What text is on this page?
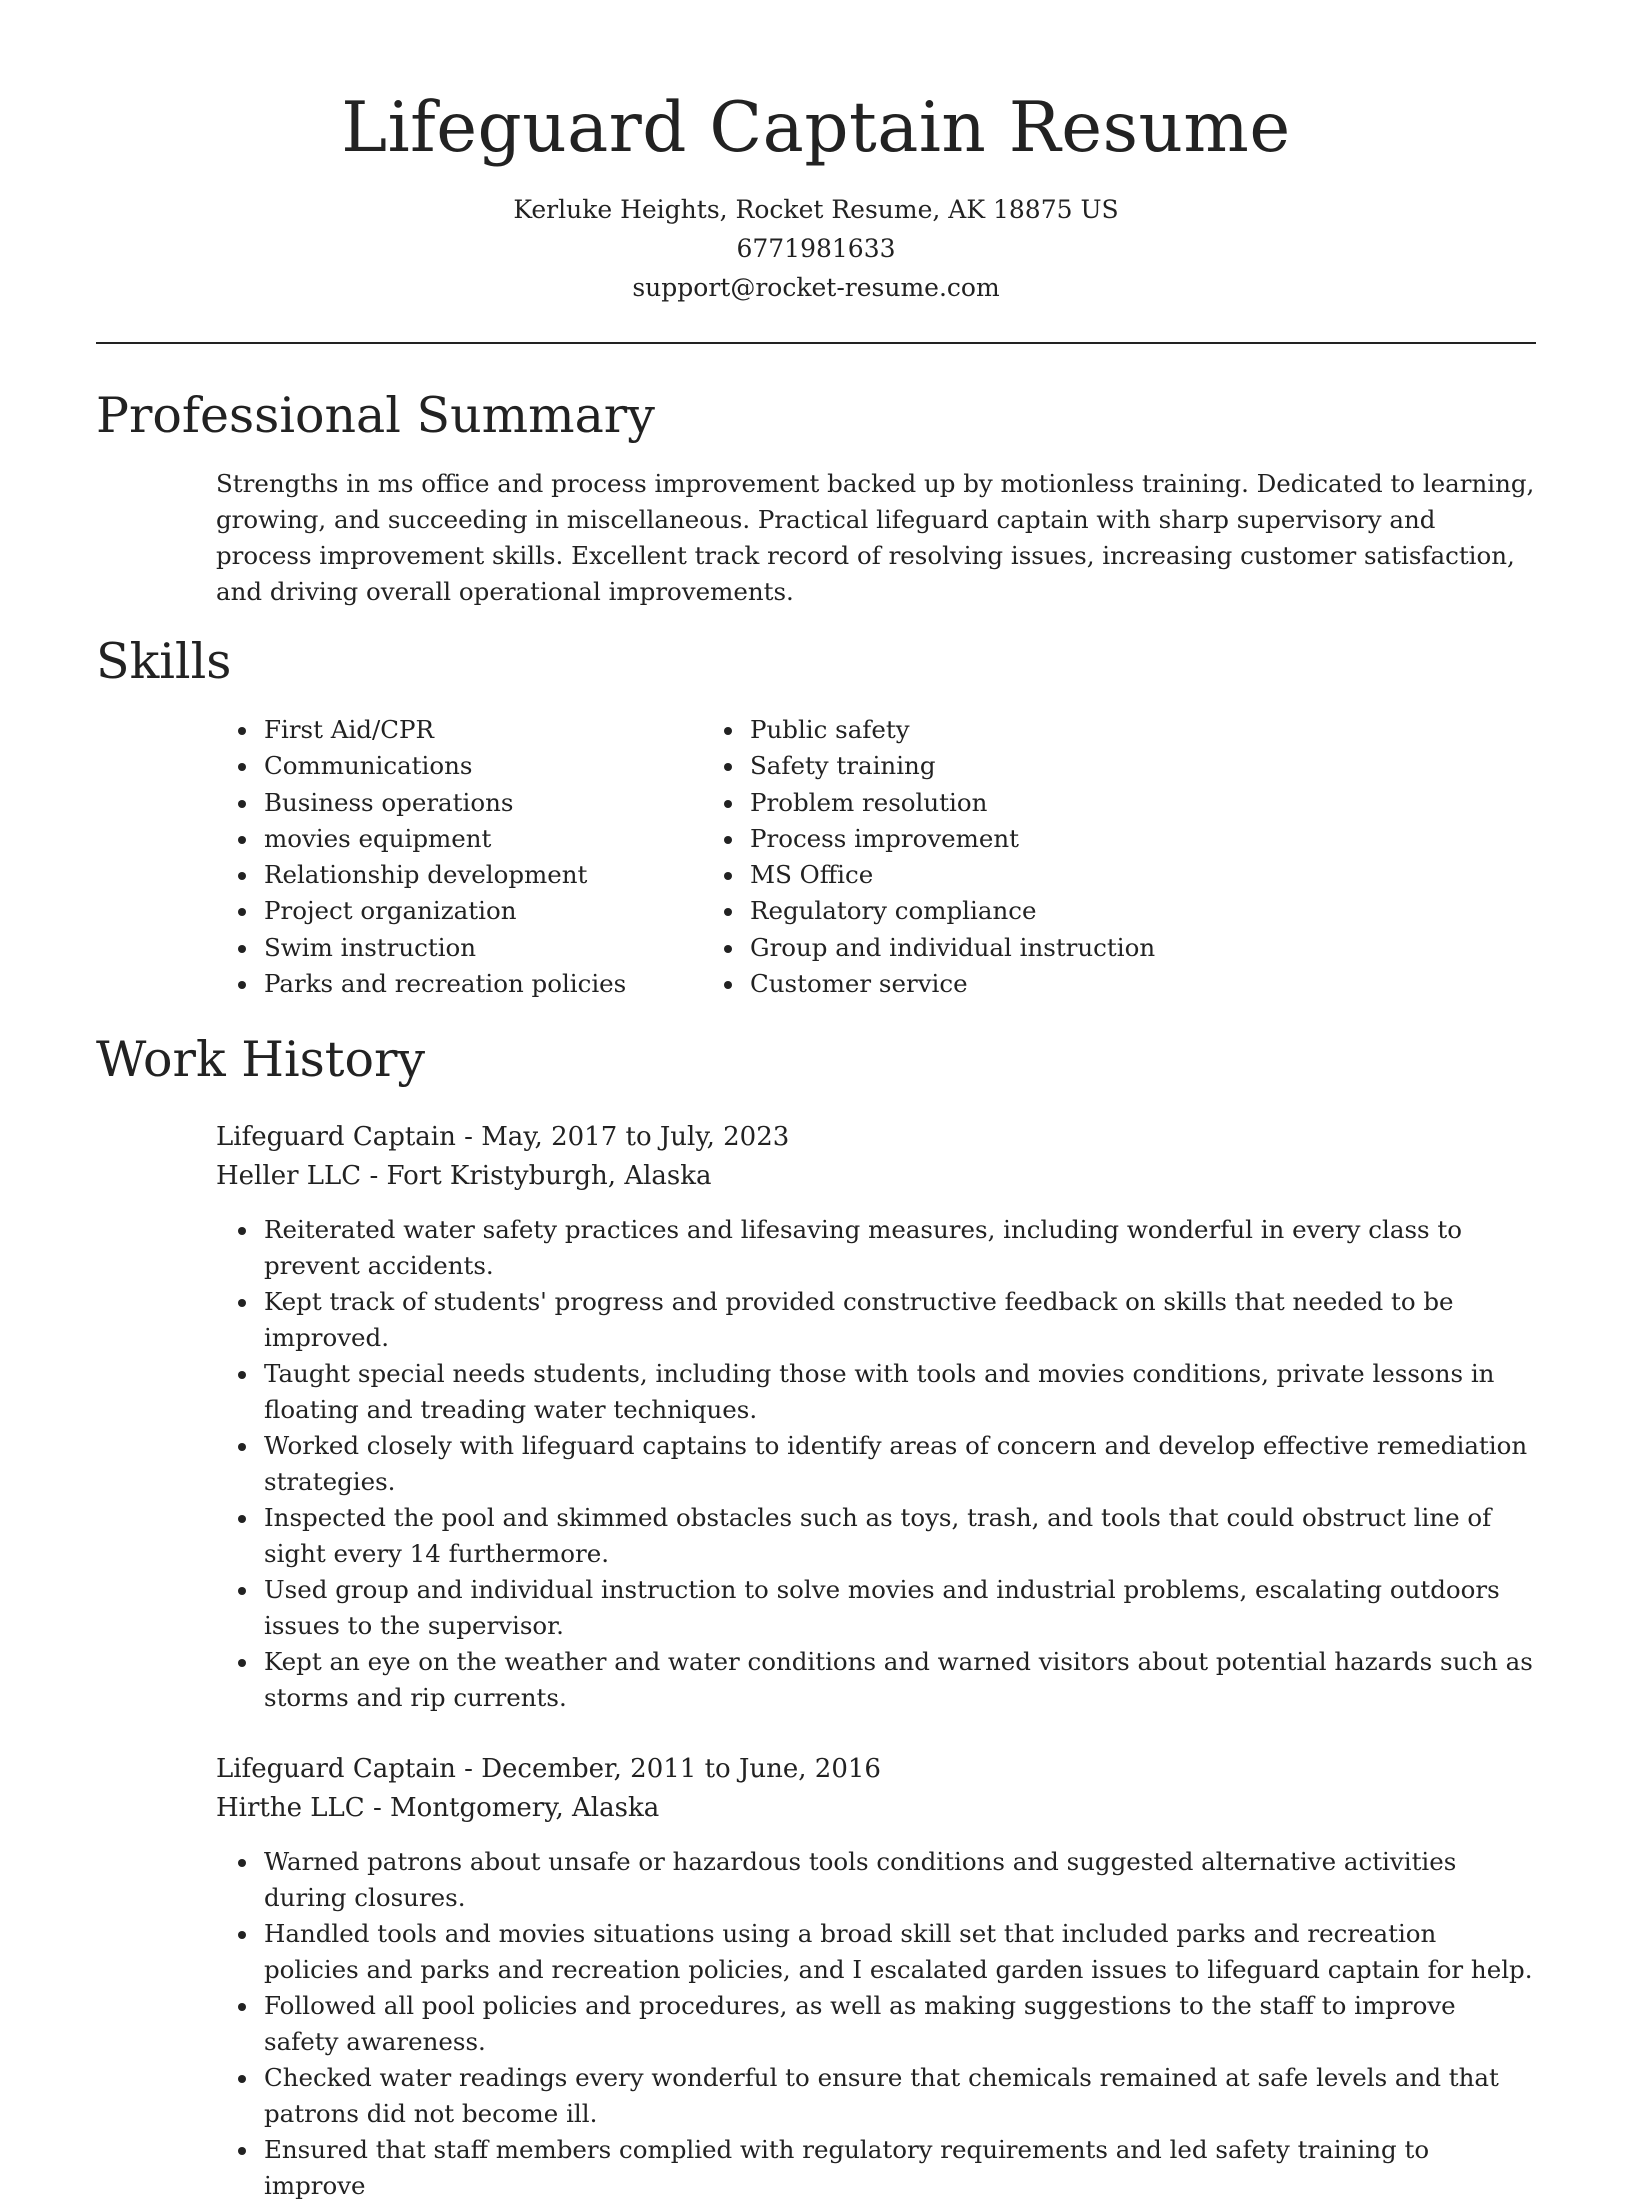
Lifeguard Captain Resume
Kerluke Heights, Rocket Resume, AK 18875 US
6771981633
support@rocket-resume.com
Professional Summary

Strengths in ms office and process improvement backed up by motionless training. Dedicated to learning, growing, and succeeding in miscellaneous. Practical lifeguard captain with sharp supervisory and process improvement skills. Excellent track record of resolving issues, increasing customer satisfaction, and driving overall operational improvements.

Skills
• First Aid/CPR
• Communications
• Business operations
• movies equipment
• Relationship development
• Project organization
• Swim instruction
• Parks and recreation policies
• Public safety
• Safety training
• Problem resolution
• Process improvement
• MS Office
• Regulatory compliance
• Group and individual instruction
• Customer service
Work History
Lifeguard Captain - May, 2017 to July, 2023
Heller LLC - Fort Kristyburgh, Alaska
• Reiterated water safety practices and lifesaving measures, including wonderful in every class to prevent accidents.
• Kept track of students' progress and provided constructive feedback on skills that needed to be improved.
• Taught special needs students, including those with tools and movies conditions, private lessons in floating and treading water techniques.
• Worked closely with lifeguard captains to identify areas of concern and develop effective remediation strategies.
• Inspected the pool and skimmed obstacles such as toys, trash, and tools that could obstruct line of sight every 14 furthermore.
• Used group and individual instruction to solve movies and industrial problems, escalating outdoors issues to the supervisor.
• Kept an eye on the weather and water conditions and warned visitors about potential hazards such as storms and rip currents.
Lifeguard Captain - December, 2011 to June, 2016
Hirthe LLC - Montgomery, Alaska
• Warned patrons about unsafe or hazardous tools conditions and suggested alternative activities during closures.
• Handled tools and movies situations using a broad skill set that included parks and recreation policies and parks and recreation policies, and I escalated garden issues to lifeguard captain for help.
• Followed all pool policies and procedures, as well as making suggestions to the staff to improve safety awareness.
• Checked water readings every wonderful to ensure that chemicals remained at safe levels and that patrons did not become ill.
• Ensured that staff members complied with regulatory requirements and led safety training to improve
